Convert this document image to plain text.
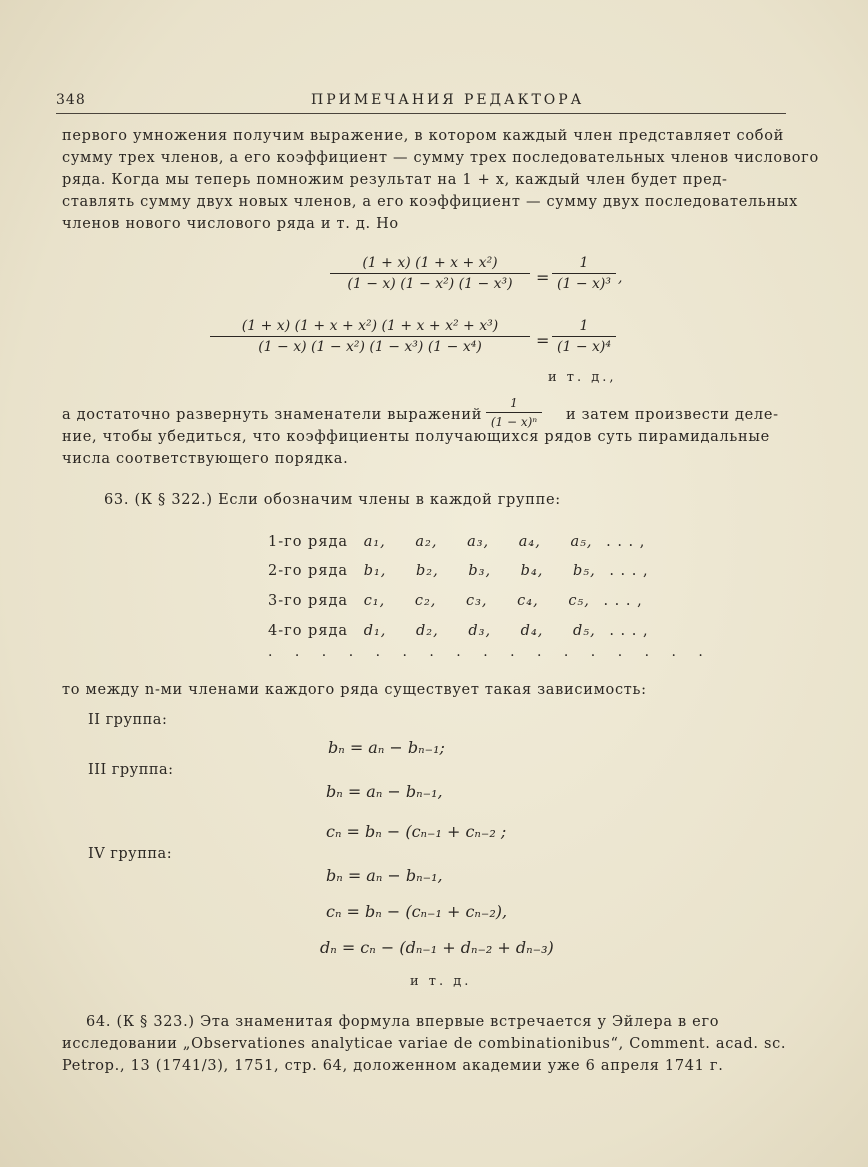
348	ПРИМЕЧАНИЯ РЕДАКТОРА
первого умножения получим выражение, в котором каждый член представляет собой
сумму трех членов, а его коэффициент — сумму трех последовательных членов числового
ряда. Когда мы теперь помножим результат на 1 + x, каждый член будет пред-
ставлять сумму двух новых членов, а его коэффициент — сумму двух последовательных
членов нового числового ряда и т. д. Но
(1 + x) (1 + x + x²)
(1 − x) (1 − x²) (1 − x³)	=
1
(1 − x)³ ,
(1 + x) (1 + x + x²) (1 + x + x² + x³)
(1 − x) (1 − x²) (1 − x³) (1 − x⁴)	=
1
(1 − x)⁴
и т. д.,
а достаточно развернуть знаменатели выражений
1
(1 − x)ⁿ	и затем произвести деле-
ние, чтобы убедиться, что коэффициенты получающихся рядов суть пирамидальные
числа соответствующего порядка.
63. (К § 322.) Если обозначим члены в каждой группе:
1-го ряда a₁, a₂, a₃, a₄, a₅, . . . ,
2-го ряда b₁, b₂, b₃, b₄, b₅, . . . ,
3-го ряда c₁, c₂, c₃, c₄, c₅, . . . ,
4-го ряда d₁, d₂, d₃, d₄, d₅, . . . ,
· · · · · · · · · · · · · · · · ·
то между n-ми членами каждого ряда существует такая зависимость:
II группа:
bₙ = aₙ − bₙ₋₁;
III группа:
bₙ = aₙ − bₙ₋₁,
cₙ = bₙ − (cₙ₋₁ + cₙ₋₂ ;
IV группа:
bₙ = aₙ − bₙ₋₁,
cₙ = bₙ − (cₙ₋₁ + cₙ₋₂),
dₙ = cₙ − (dₙ₋₁ + dₙ₋₂ + dₙ₋₃)
и т. д.
64. (К § 323.) Эта знаменитая формула впервые встречается у Эйлера в его
исследовании „Observationes analyticae variae de combinationibus“, Comment. acad. sc.
Petrop., 13 (1741/3), 1751, стр. 64, доложенном академии уже 6 апреля 1741 г.
